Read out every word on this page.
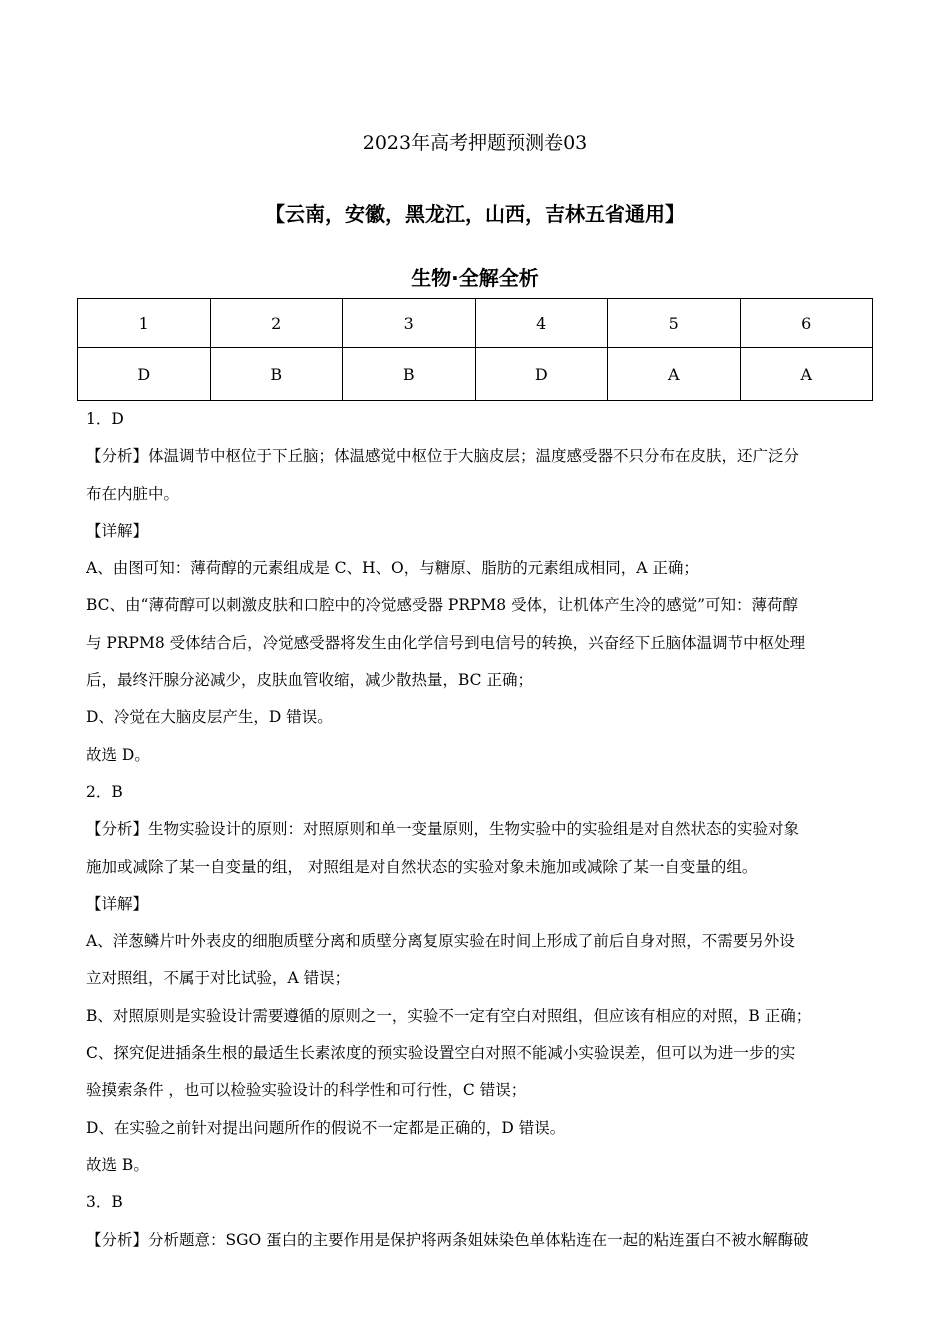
2023年高考押题预测卷03
【云南，安徽，黑龙江，山西，吉林五省通用】
生物·全解全析
1	2	3	4	5	6
D	B	B	D	A	A
1．D
【分析】体温调节中枢位于下丘脑；体温感觉中枢位于大脑皮层；温度感受器不只分布在皮肤，还广泛分
布在内脏中。
【详解】
A、由图可知：薄荷醇的元素组成是 C、H、O，与糖原、脂肪的元素组成相同，A 正确；
BC、由“薄荷醇可以刺激皮肤和口腔中的冷觉感受器 PRPM8 受体，让机体产生冷的感觉”可知：薄荷醇
与 PRPM8 受体结合后，冷觉感受器将发生由化学信号到电信号的转换，兴奋经下丘脑体温调节中枢处理
后，最终汗腺分泌减少，皮肤血管收缩，减少散热量，BC 正确；
D、冷觉在大脑皮层产生，D 错误。
故选 D。
2．B
【分析】生物实验设计的原则：对照原则和单一变量原则，生物实验中的实验组是对自然状态的实验对象
施加或减除了某一自变量的组， 对照组是对自然状态的实验对象未施加或减除了某一自变量的组。
【详解】
A、洋葱鳞片叶外表皮的细胞质壁分离和质壁分离复原实验在时间上形成了前后自身对照，不需要另外设
立对照组，不属于对比试验，A 错误；
B、对照原则是实验设计需要遵循的原则之一，实验不一定有空白对照组，但应该有相应的对照，B 正确；
C、探究促进插条生根的最适生长素浓度的预实验设置空白对照不能减小实验误差，但可以为进一步的实
验摸索条件 ，也可以检验实验设计的科学性和可行性，C 错误；
D、在实验之前针对提出问题所作的假说不一定都是正确的，D 错误。
故选 B。
3．B
【分析】分析题意：SGO 蛋白的主要作用是保护将两条姐妹染色单体粘连在一起的粘连蛋白不被水解酶破
